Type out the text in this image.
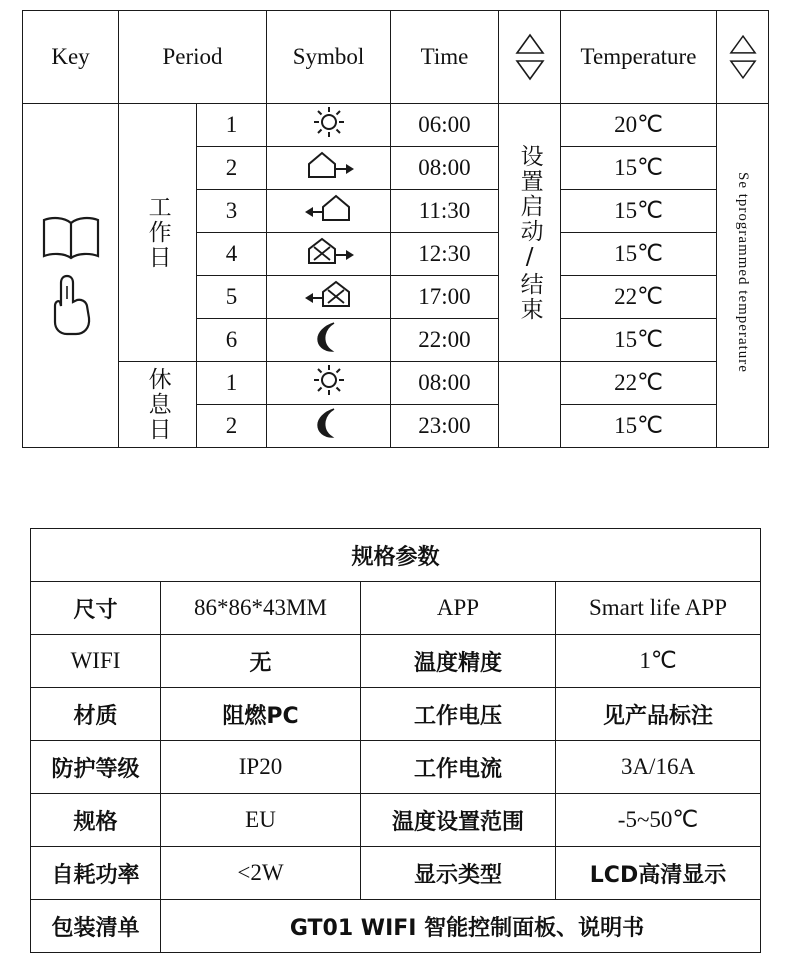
Key	Period		Symbol	Time		Temperature	

	工作日	1		06:00	设置启动/结束	20℃	Se tprogrammed temperature
		2		08:00		15℃	
		3		11:30		15℃	
		4		12:30		15℃	
		5		17:00		22℃	
		6		22:00		15℃	
	休息日	1		08:00		22℃	
		2		23:00		15℃	
规格参数			
尺寸	86*86*43MM	APP	Smart life APP
WIFI	无	温度精度	1℃
材质	阻燃PC	工作电压	见产品标注
防护等级	IP20	工作电流	3A/16A
规格	EU	温度设置范围	-5~50℃
自耗功率	<2W	显示类型	LCD高清显示
包装清单	GT01 WIFI 智能控制面板、说明书		
